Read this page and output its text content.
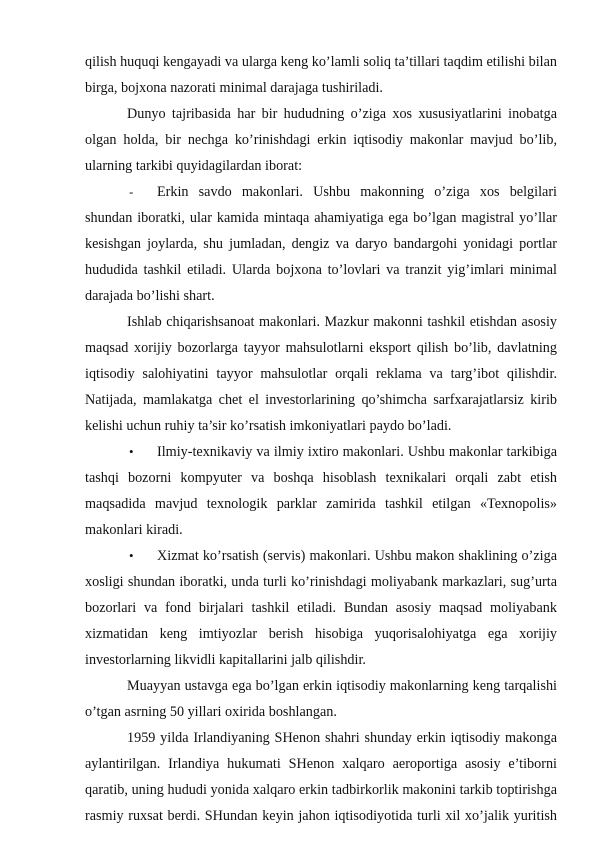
qilish huquqi kengayadi va ularga keng ko’lamli soliq ta’tillari taqdim etilishi bilan
birga, bojxona nazorati minimal darajaga tushiriladi.
Dunyo tajribasida har bir hududning o’ziga xos xususiyatlarini inobatga
olgan holda, bir nechga ko’rinishdagi erkin iqtisodiy makonlar mavjud bo’lib,
ularning tarkibi quyidagilardan iborat:
- Erkin savdo makonlari. Ushbu makonning o’ziga xos belgilari
shundan iboratki, ular kamida mintaqa ahamiyatiga ega bo’lgan magistral yo’llar
kesishgan joylarda, shu jumladan, dengiz va daryo bandargohi yonidagi portlar
hududida tashkil etiladi. Ularda bojxona to’lovlari va tranzit yig’imlari minimal
darajada bo’lishi shart.
Ishlab chiqarishsanoat makonlari. Mazkur makonni tashkil etishdan asosiy
maqsad xorijiy bozorlarga tayyor mahsulotlarni eksport qilish bo’lib, davlatning
iqtisodiy salohiyatini tayyor mahsulotlar orqali reklama va targ’ibot qilishdir.
Natijada, mamlakatga chet el investorlarining qo’shimcha sarfxarajatlarsiz kirib
kelishi uchun ruhiy ta’sir ko’rsatish imkoniyatlari paydo bo’ladi.
• Ilmiy-texnikaviy va ilmiy ixtiro makonlari. Ushbu makonlar tarkibiga
tashqi bozorni kompyuter va boshqa hisoblash texnikalari orqali zabt etish
maqsadida mavjud texnologik parklar zamirida tashkil etilgan «Texnopolis»
makonlari kiradi.
• Xizmat ko’rsatish (servis) makonlari. Ushbu makon shaklining o’ziga
xosligi shundan iboratki, unda turli ko’rinishdagi moliyabank markazlari, sug’urta
bozorlari va fond birjalari tashkil etiladi. Bundan asosiy maqsad moliyabank
xizmatidan keng imtiyozlar berish hisobiga yuqorisalohiyatga ega xorijiy
investorlarning likvidli kapitallarini jalb qilishdir.
Muayyan ustavga ega bo’lgan erkin iqtisodiy makonlarning keng tarqalishi
o’tgan asrning 50 yillari oxirida boshlangan.
1959 yilda Irlandiyaning SHenon shahri shunday erkin iqtisodiy makonga
aylantirilgan. Irlandiya hukumati SHenon xalqaro aeroportiga asosiy e’tiborni
qaratib, uning hududi yonida xalqaro erkin tadbirkorlik makonini tarkib toptirishga
rasmiy ruxsat berdi. SHundan keyin jahon iqtisodiyotida turli xil xo’jalik yuritish
